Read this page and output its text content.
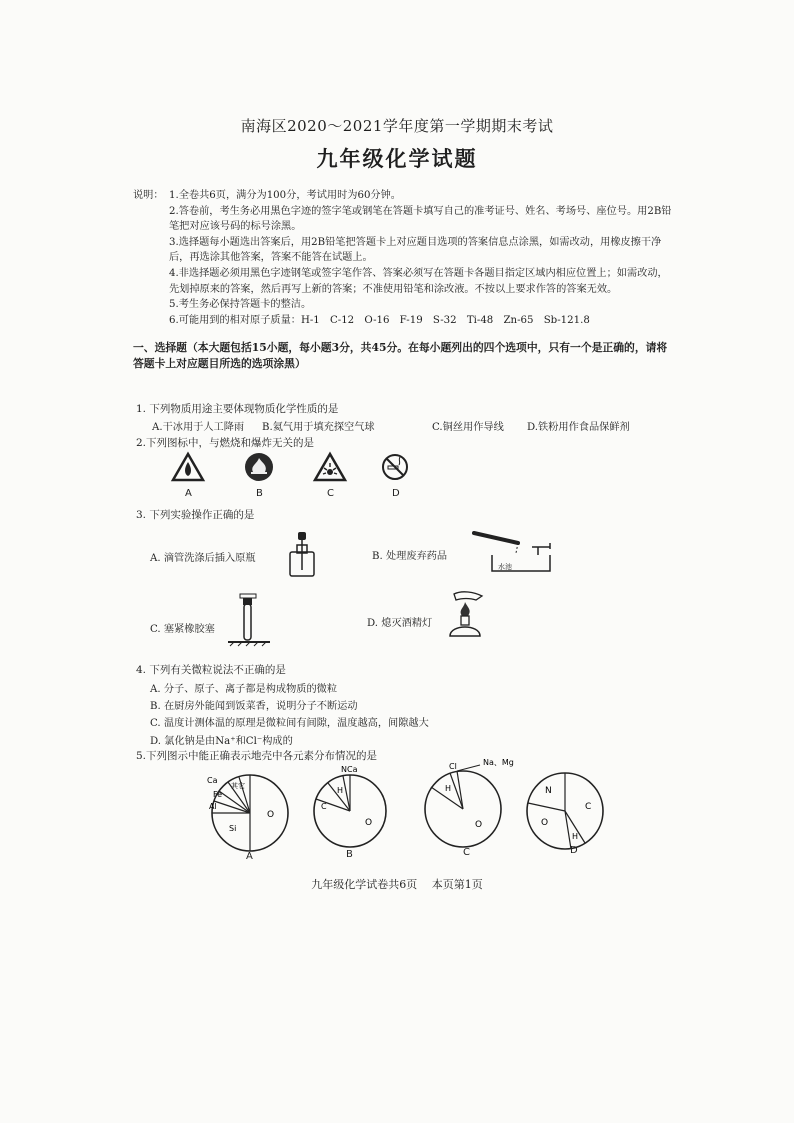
南海区2020～2021学年度第一学期期末考试
九年级化学试题
说明： 1.全卷共6页，满分为100分，考试用时为60分钟。
2.答卷前，考生务必用黑色字迹的签字笔或钢笔在答题卡填写自己的准考证号、姓名、考场号、座位号。用2B铅笔把对应该号码的标号涂黑。
3.选择题每小题选出答案后，用2B铅笔把答题卡上对应题目选项的答案信息点涂黑，如需改动，用橡皮擦干净后，再选涂其他答案，答案不能答在试题上。
4.非选择题必须用黑色字迹钢笔或签字笔作答、答案必须写在答题卡各题目指定区域内相应位置上；如需改动，先划掉原来的答案，然后再写上新的答案；不准使用铅笔和涂改液。不按以上要求作答的答案无效。
5.考生务必保持答题卡的整洁。
6.可能用到的相对原子质量：H-1　C-12　O-16　F-19　S-32　Ti-48　Zn-65　Sb-121.8
一、选择题（本大题包括15小题，每小题3分，共45分。在每小题列出的四个选项中，只有一个是正确的，请将答题卡上对应题目所选的选项涂黑）
1. 下列物质用途主要体现物质化学性质的是
A.干冰用于人工降雨 B.氦气用于填充探空气球	C.铜丝用作导线 D.铁粉用作食品保鲜剂
2.下列图标中，与燃烧和爆炸无关的是
A	B	C	D
3. 下列实验操作正确的是
A. 滴管洗涤后插入原瓶	B. 处理废弃药品
水池
C. 塞紧橡胶塞
D. 熄灭酒精灯
4. 下列有关微粒说法不正确的是
A. 分子、原子、离子都是构成物质的微粒
B. 在厨房外能闻到饭菜香，说明分子不断运动
C. 温度计测体温的原理是微粒间有间隙，温度越高，间隙越大
D. 氯化钠是由Na⁺和Cl⁻构成的
5.下列图示中能正确表示地壳中各元素分布情况的是
Ca
其它
Fe
Al
Si
O
NCa
H
C
O
Cl	Na、Mg
H
O
N
C
O
H
A	B	C	D
九年级化学试卷共6页　 本页第1页
